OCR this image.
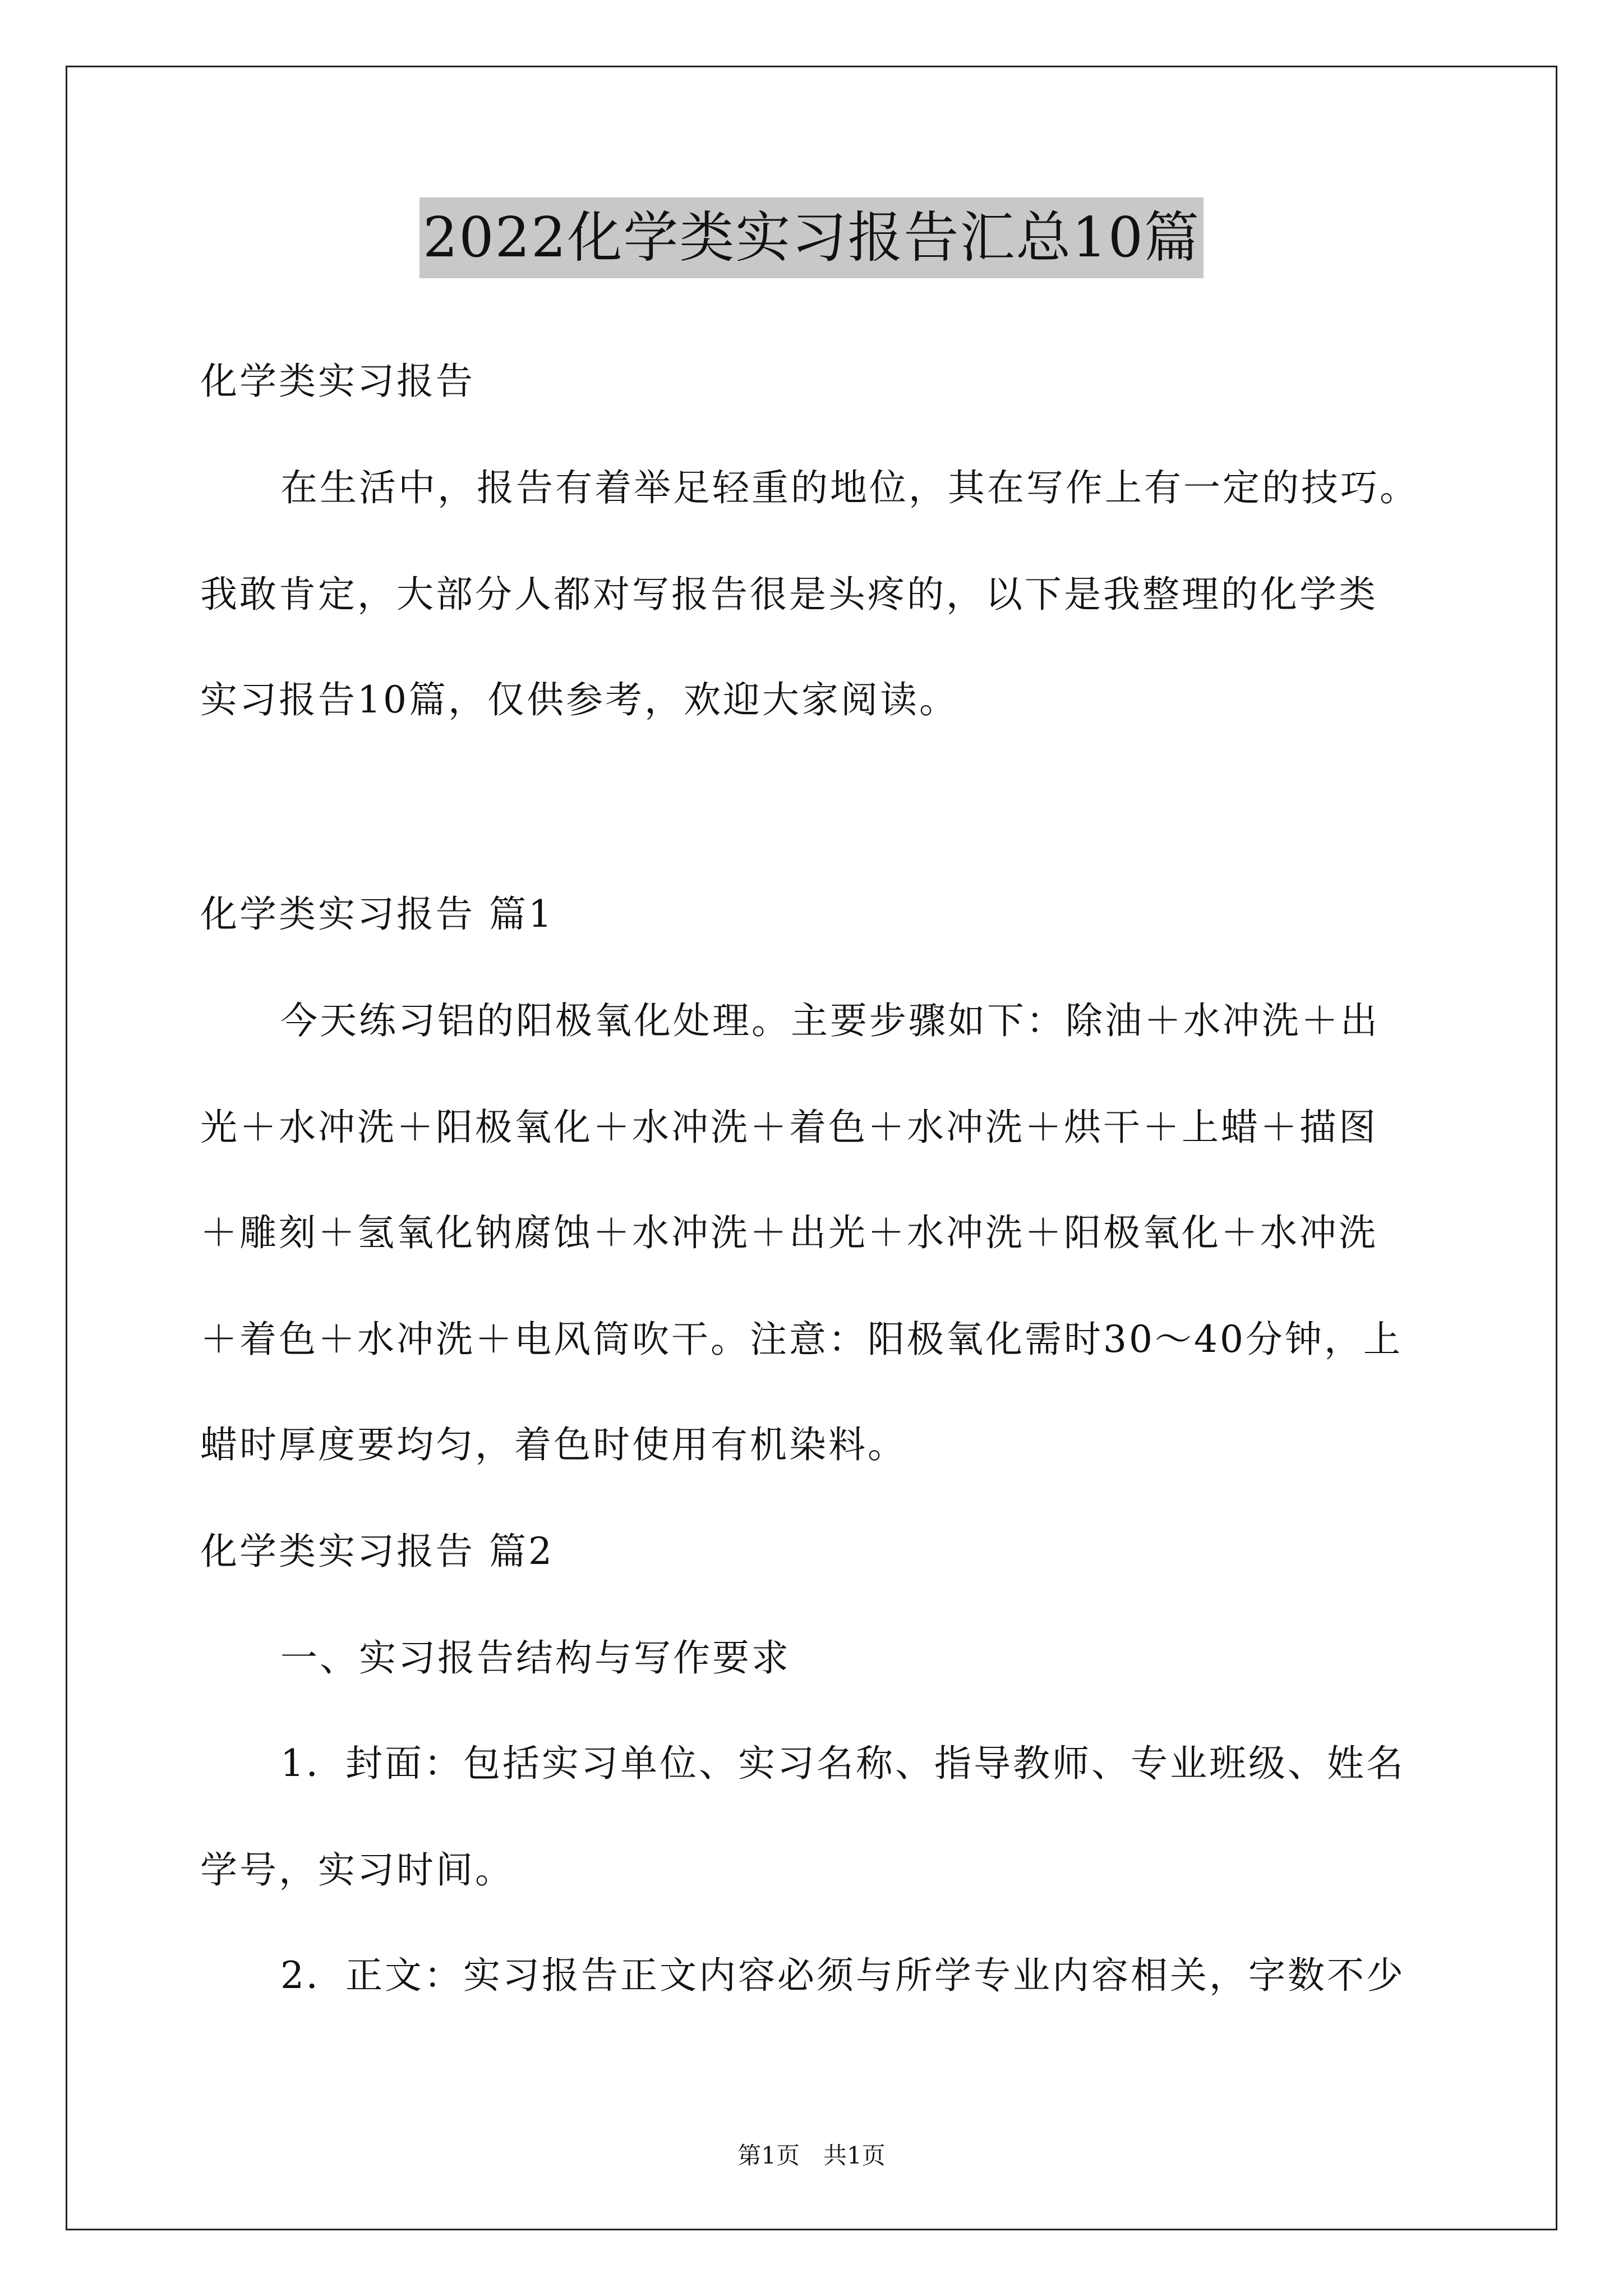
2022化学类实习报告汇总10篇
化学类实习报告
在生活中，报告有着举足轻重的地位，其在写作上有一定的技巧。
我敢肯定，大部分人都对写报告很是头疼的，以下是我整理的化学类
实习报告10篇，仅供参考，欢迎大家阅读。
化学类实习报告 篇1
今天练习铝的阳极氧化处理。主要步骤如下：除油＋水冲洗＋出
光＋水冲洗＋阳极氧化＋水冲洗＋着色＋水冲洗＋烘干＋上蜡＋描图
＋雕刻＋氢氧化钠腐蚀＋水冲洗＋出光＋水冲洗＋阳极氧化＋水冲洗
＋着色＋水冲洗＋电风筒吹干。注意：阳极氧化需时30～40分钟，上
蜡时厚度要均匀，着色时使用有机染料。
化学类实习报告 篇2
一、实习报告结构与写作要求
1．封面：包括实习单位、实习名称、指导教师、专业班级、姓名
学号，实习时间。
2．正文：实习报告正文内容必须与所学专业内容相关，字数不少
第1页　共1页
